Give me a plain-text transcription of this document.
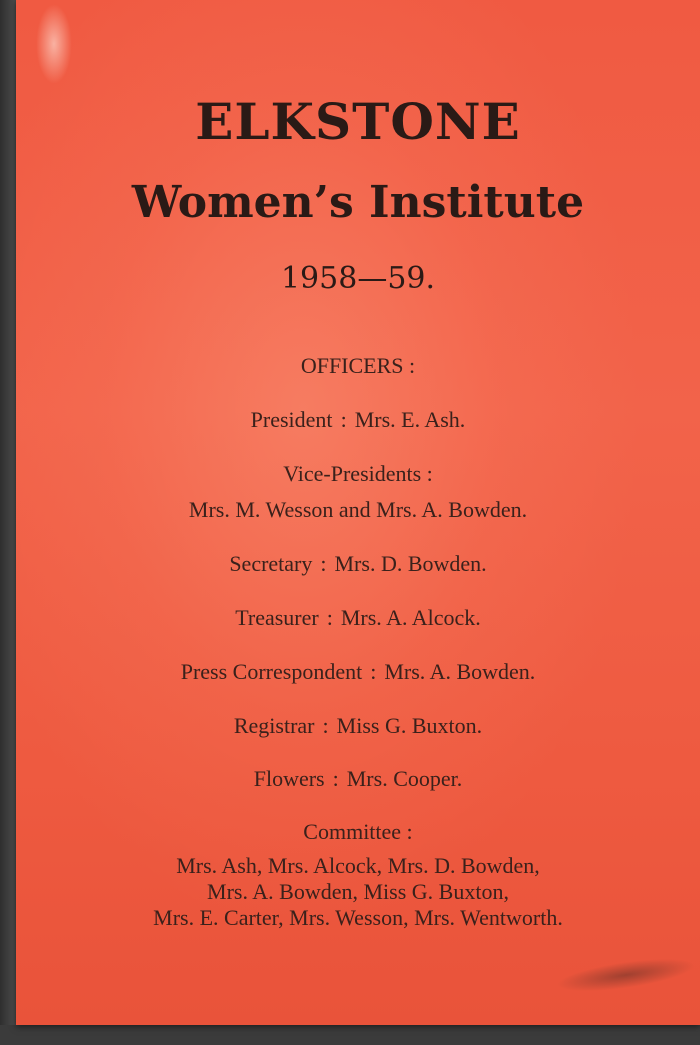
ELKSTONE
Women’s Institute
1958—59.
OFFICERS :
President : Mrs. E. Ash.
Vice-Presidents :
Mrs. M. Wesson and Mrs. A. Bowden.
Secretary : Mrs. D. Bowden.
Treasurer : Mrs. A. Alcock.
Press Correspondent : Mrs. A. Bowden.
Registrar : Miss G. Buxton.
Flowers : Mrs. Cooper.
Committee :
Mrs. Ash, Mrs. Alcock, Mrs. D. Bowden,
Mrs. A. Bowden, Miss G. Buxton,
Mrs. E. Carter, Mrs. Wesson, Mrs. Wentworth.
